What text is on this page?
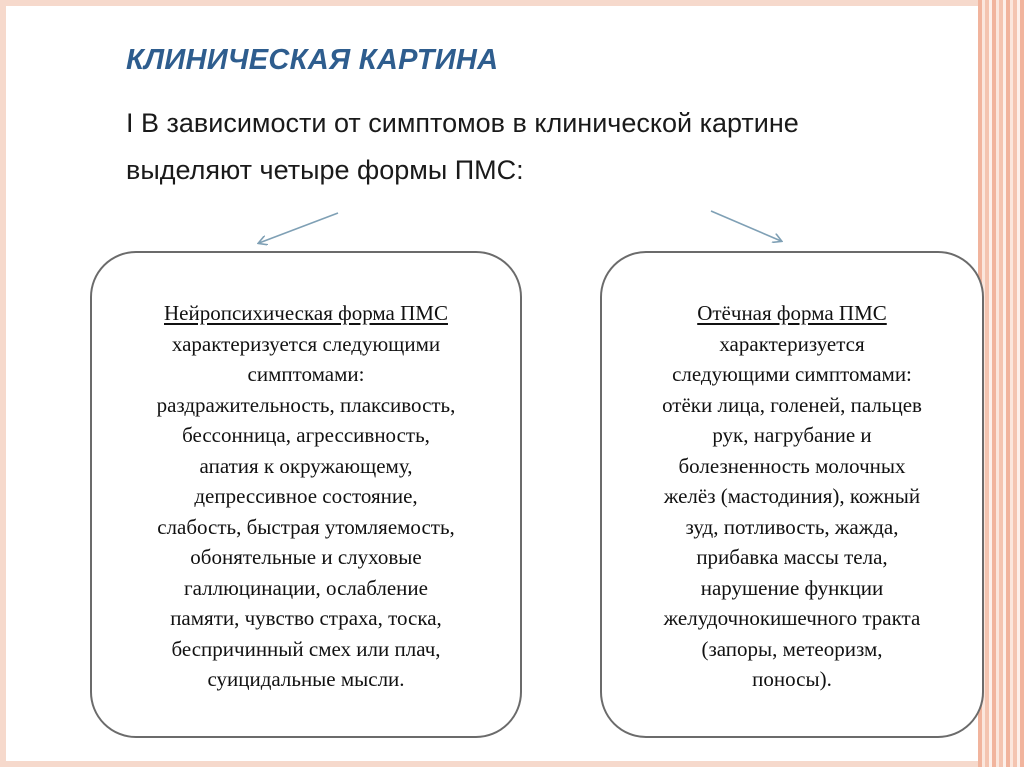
КЛИНИЧЕСКАЯ КАРТИНА
I В зависимости от симптомов в клинической картине
выделяют четыре формы ПМС:
Нейропсихическая форма ПМС
характеризуется следующими
симптомами:
раздражительность, плаксивость,
бессонница, агрессивность,
апатия к окружающему,
депрессивное состояние,
слабость, быстрая утомляемость,
обонятельные и слуховые
галлюцинации, ослабление
памяти, чувство страха, тоска,
беспричинный смех или плач,
суицидальные мысли.
Отёчная форма ПМС
характеризуется
следующими симптомами:
отёки лица, голеней, пальцев
рук, нагрубание и
болезненность молочных
желёз (мастодиния), кожный
зуд, потливость, жажда,
прибавка массы тела,
нарушение функции
желудочнокишечного тракта
(запоры, метеоризм,
поносы).
